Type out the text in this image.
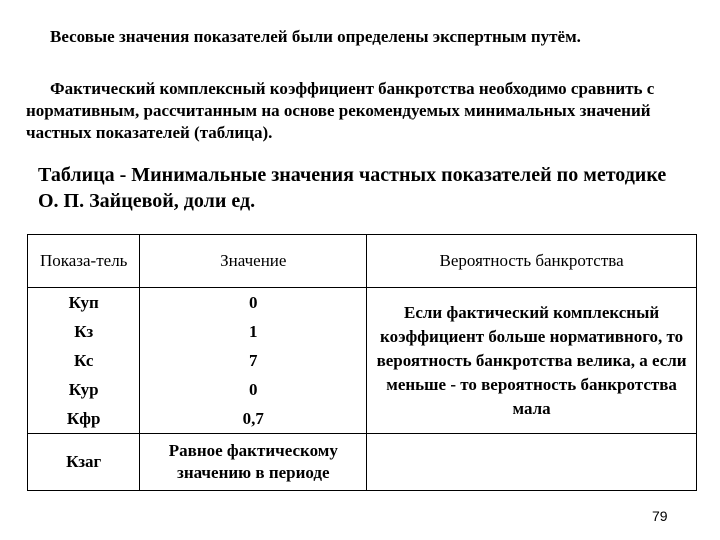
Весовые значения показателей были определены экспертным путём.
Фактический комплексный коэффициент банкротства необходимо сравнить с нормативным, рассчитанным на основе рекомендуемых минимальных значений частных показателей (таблица).
Таблица - Минимальные значения частных показателей по методике О. П. Зайцевой, доли ед.
Показа-тель	Значение	Вероятность банкротства
Куп	0	Если фактический комплексный коэффициент больше нормативного, то вероятность банкротства велика, а если меньше - то вероятность банкротства мала
Кз	1	
Кс	7	
Кур	0	
Кфр	0,7	
Кзаг	Равное фактическому значению в периоде	
79
